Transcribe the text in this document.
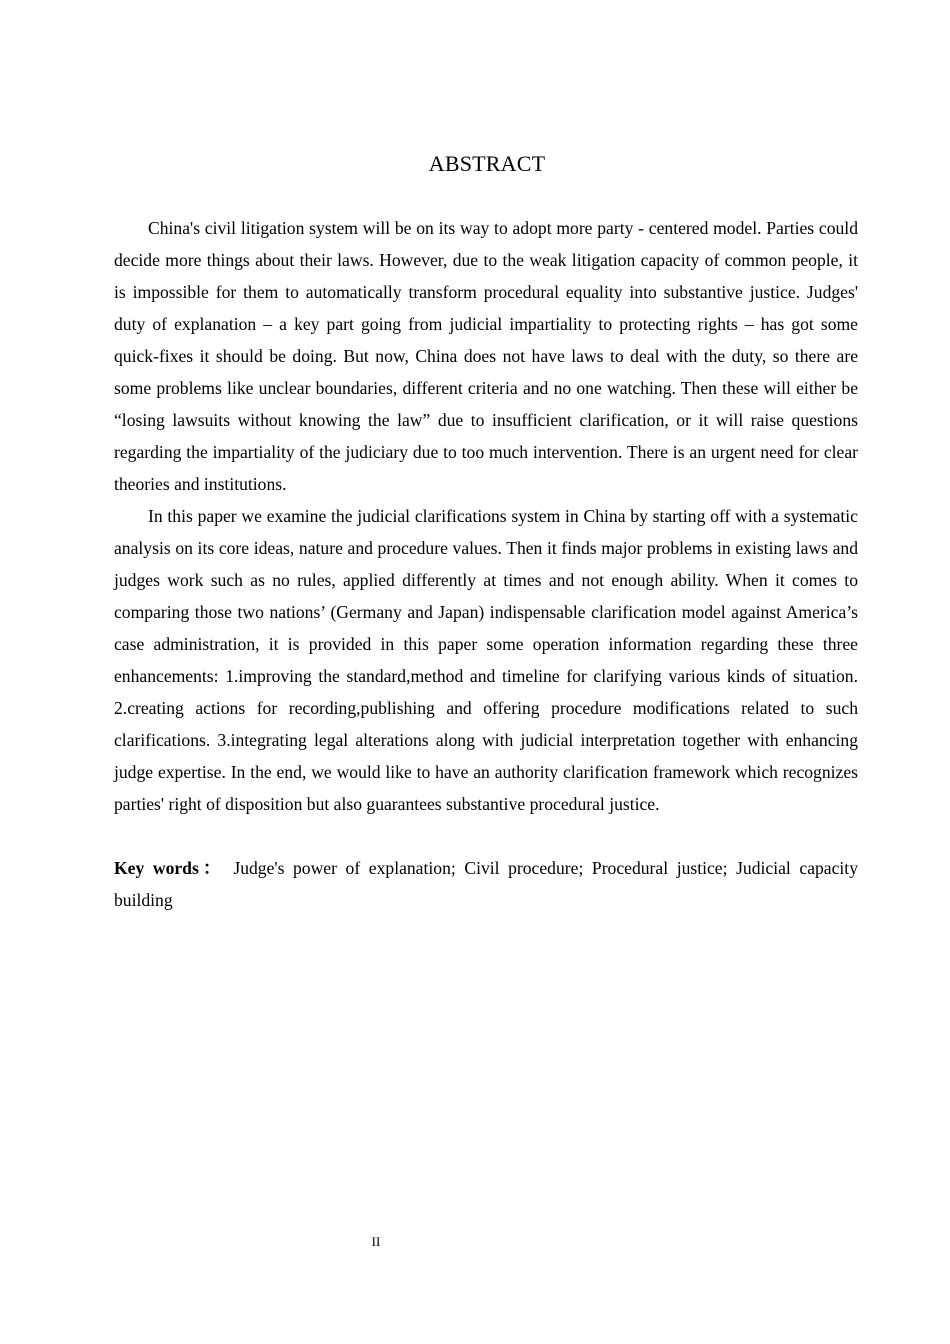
ABSTRACT

China's civil litigation system will be on its way to adopt more party - centered model. Parties could decide more things about their laws. However, due to the weak litigation capacity of common people, it is impossible for them to automatically transform procedural equality into substantive justice. Judges' duty of explanation – a key part going from judicial impartiality to protecting rights – has got some quick-fixes it should be doing. But now, China does not have laws to deal with the duty, so there are some problems like unclear boundaries, different criteria and no one watching. Then these will either be “losing lawsuits without knowing the law” due to insufficient clarification, or it will raise questions regarding the impartiality of the judiciary due to too much intervention. There is an urgent need for clear theories and institutions.

In this paper we examine the judicial clarifications system in China by starting off with a systematic analysis on its core ideas, nature and procedure values. Then it finds major problems in existing laws and judges work such as no rules, applied differently at times and not enough ability. When it comes to comparing those two nations’ (Germany and Japan) indispensable clarification model against America’s case administration, it is provided in this paper some operation information regarding these three enhancements: 1.improving the standard,method and timeline for clarifying various kinds of situation. 2.creating actions for recording,publishing and offering procedure modifications related to such clarifications. 3.integrating legal alterations along with judicial interpretation together with enhancing judge expertise. In the end, we would like to have an authority clarification framework which recognizes parties' right of disposition but also guarantees substantive procedural justice.

Key words： Judge's power of explanation; Civil procedure; Procedural justice; Judicial capacity building

II
